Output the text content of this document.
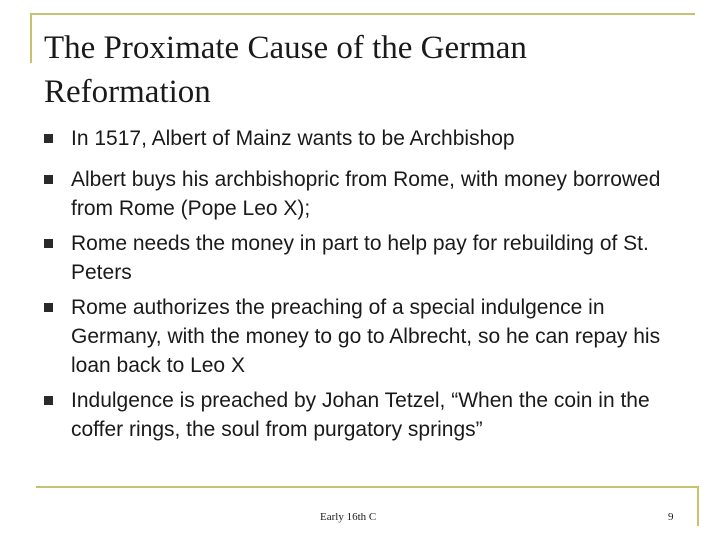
The Proximate Cause of the German Reformation
In 1517, Albert of Mainz wants to be Archbishop
Albert buys his archbishopric from Rome, with money borrowed from Rome (Pope Leo X);
Rome needs the money in part to help pay for rebuilding of St. Peters
Rome authorizes the preaching of a special indulgence in Germany, with the money to go to Albrecht, so he can repay his loan back to Leo X
Indulgence is preached by Johan Tetzel, “When the coin in the coffer rings, the soul from purgatory springs”
Early 16th C	9
